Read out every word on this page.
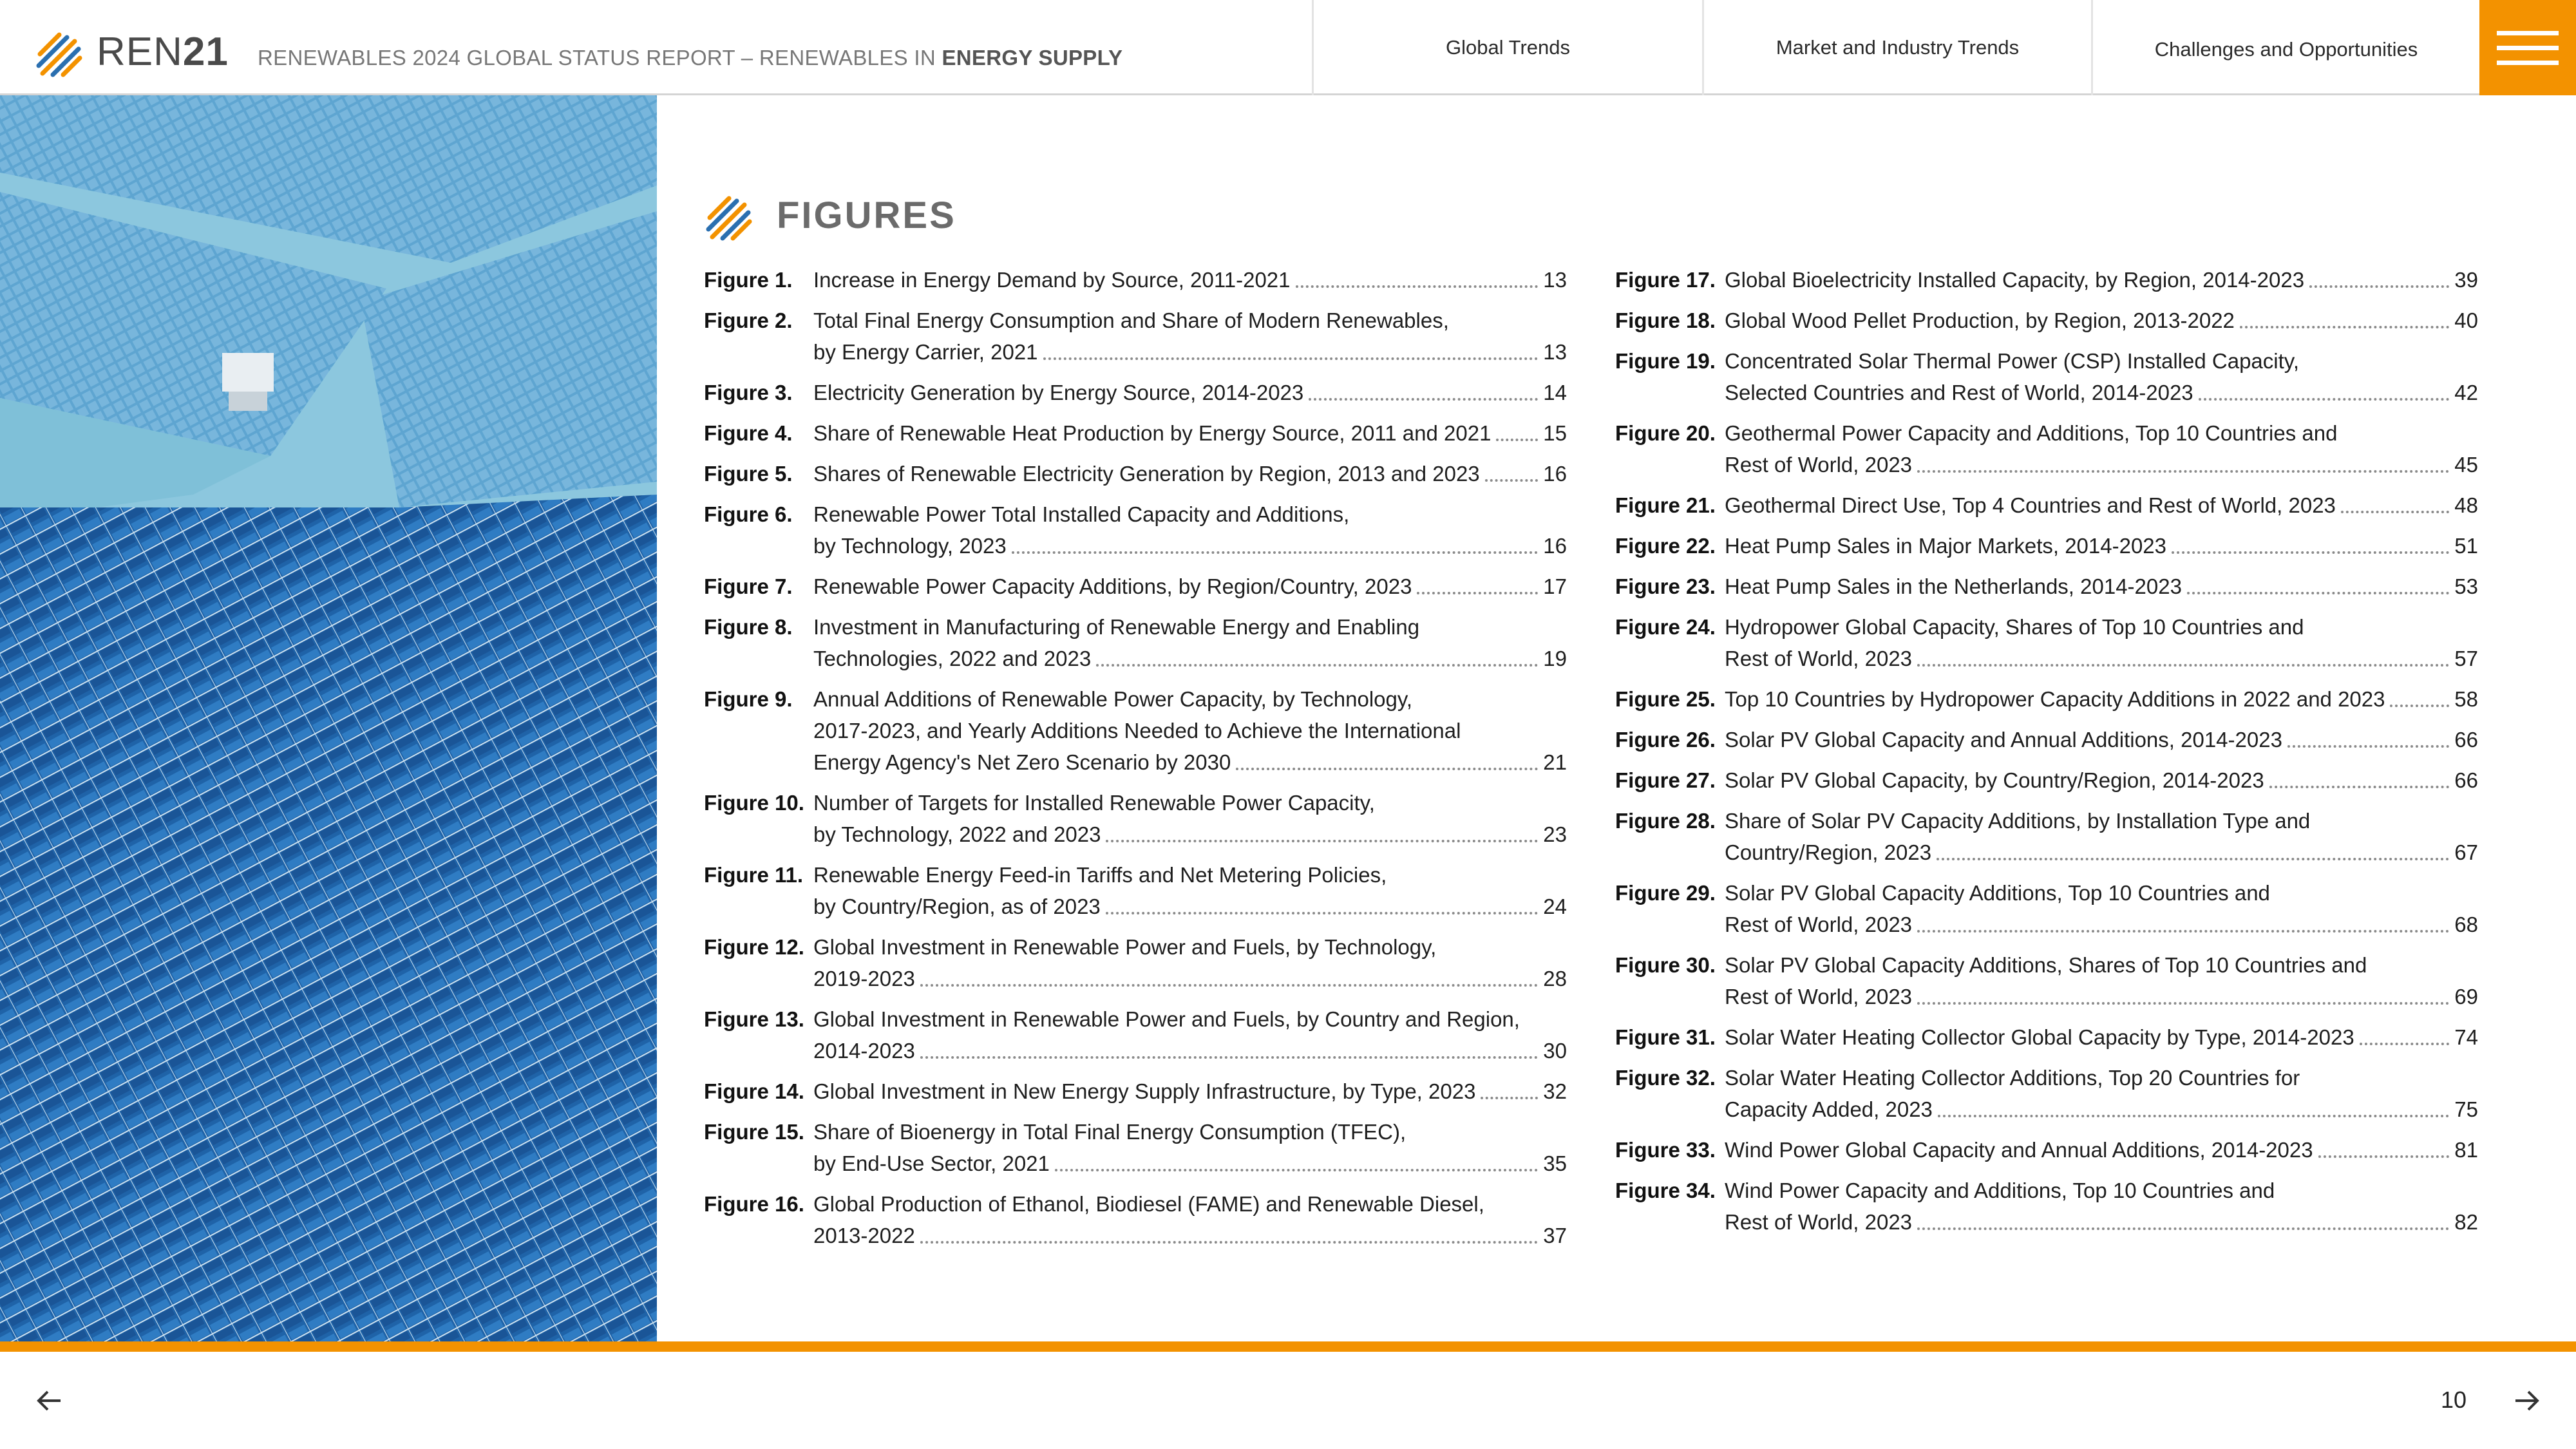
REN21 RENEWABLES 2024 GLOBAL STATUS REPORT – RENEWABLES IN ENERGY SUPPLY	Global Trends	Market and Industry Trends	Challenges and Opportunities
FIGURES
Figure 1. Increase in Energy Demand by Source, 2011-2021	13
Figure 2. Total Final Energy Consumption and Share of Modern Renewables,
by Energy Carrier, 2021	13
Figure 3. Electricity Generation by Energy Source, 2014-2023	14
Figure 4. Share of Renewable Heat Production by Energy Source, 2011 and 2021 15
Figure 5. Shares of Renewable Electricity Generation by Region, 2013 and 2023	16
Figure 6. Renewable Power Total Installed Capacity and Additions,
by Technology, 2023	16
Figure 7. Renewable Power Capacity Additions, by Region/Country, 2023	17
Figure 8. Investment in Manufacturing of Renewable Energy and Enabling
Technologies, 2022 and 2023	19
Figure 9. Annual Additions of Renewable Power Capacity, by Technology,
2017-2023, and Yearly Additions Needed to Achieve the International
Energy Agency's Net Zero Scenario by 2030	21
Figure 10. Number of Targets for Installed Renewable Power Capacity,
by Technology, 2022 and 2023	23
Figure 11. Renewable Energy Feed-in Tariffs and Net Metering Policies,
by Country/Region, as of 2023	24
Figure 12. Global Investment in Renewable Power and Fuels, by Technology,
2019-2023	28
Figure 13. Global Investment in Renewable Power and Fuels, by Country and Region,
2014-2023	30
Figure 14. Global Investment in New Energy Supply Infrastructure, by Type, 2023	32
Figure 15. Share of Bioenergy in Total Final Energy Consumption (TFEC),
by End-Use Sector, 2021	35
Figure 16. Global Production of Ethanol, Biodiesel (FAME) and Renewable Diesel,
2013-2022	37
Figure 17. Global Bioelectricity Installed Capacity, by Region, 2014-2023	39
Figure 18. Global Wood Pellet Production, by Region, 2013-2022	40
Figure 19. Concentrated Solar Thermal Power (CSP) Installed Capacity,
Selected Countries and Rest of World, 2014-2023	42
Figure 20. Geothermal Power Capacity and Additions, Top 10 Countries and
Rest of World, 2023	45
Figure 21. Geothermal Direct Use, Top 4 Countries and Rest of World, 2023	48
Figure 22. Heat Pump Sales in Major Markets, 2014-2023	51
Figure 23. Heat Pump Sales in the Netherlands, 2014-2023	53
Figure 24. Hydropower Global Capacity, Shares of Top 10 Countries and
Rest of World, 2023	57
Figure 25. Top 10 Countries by Hydropower Capacity Additions in 2022 and 2023	58
Figure 26. Solar PV Global Capacity and Annual Additions, 2014-2023	66
Figure 27. Solar PV Global Capacity, by Country/Region, 2014-2023	66
Figure 28. Share of Solar PV Capacity Additions, by Installation Type and
Country/Region, 2023	67
Figure 29. Solar PV Global Capacity Additions, Top 10 Countries and
Rest of World, 2023	68
Figure 30. Solar PV Global Capacity Additions, Shares of Top 10 Countries and
Rest of World, 2023	69
Figure 31. Solar Water Heating Collector Global Capacity by Type, 2014-2023	74
Figure 32. Solar Water Heating Collector Additions, Top 20 Countries for
Capacity Added, 2023	75
Figure 33. Wind Power Global Capacity and Annual Additions, 2014-2023	81
Figure 34. Wind Power Capacity and Additions, Top 10 Countries and
Rest of World, 2023	82
10
